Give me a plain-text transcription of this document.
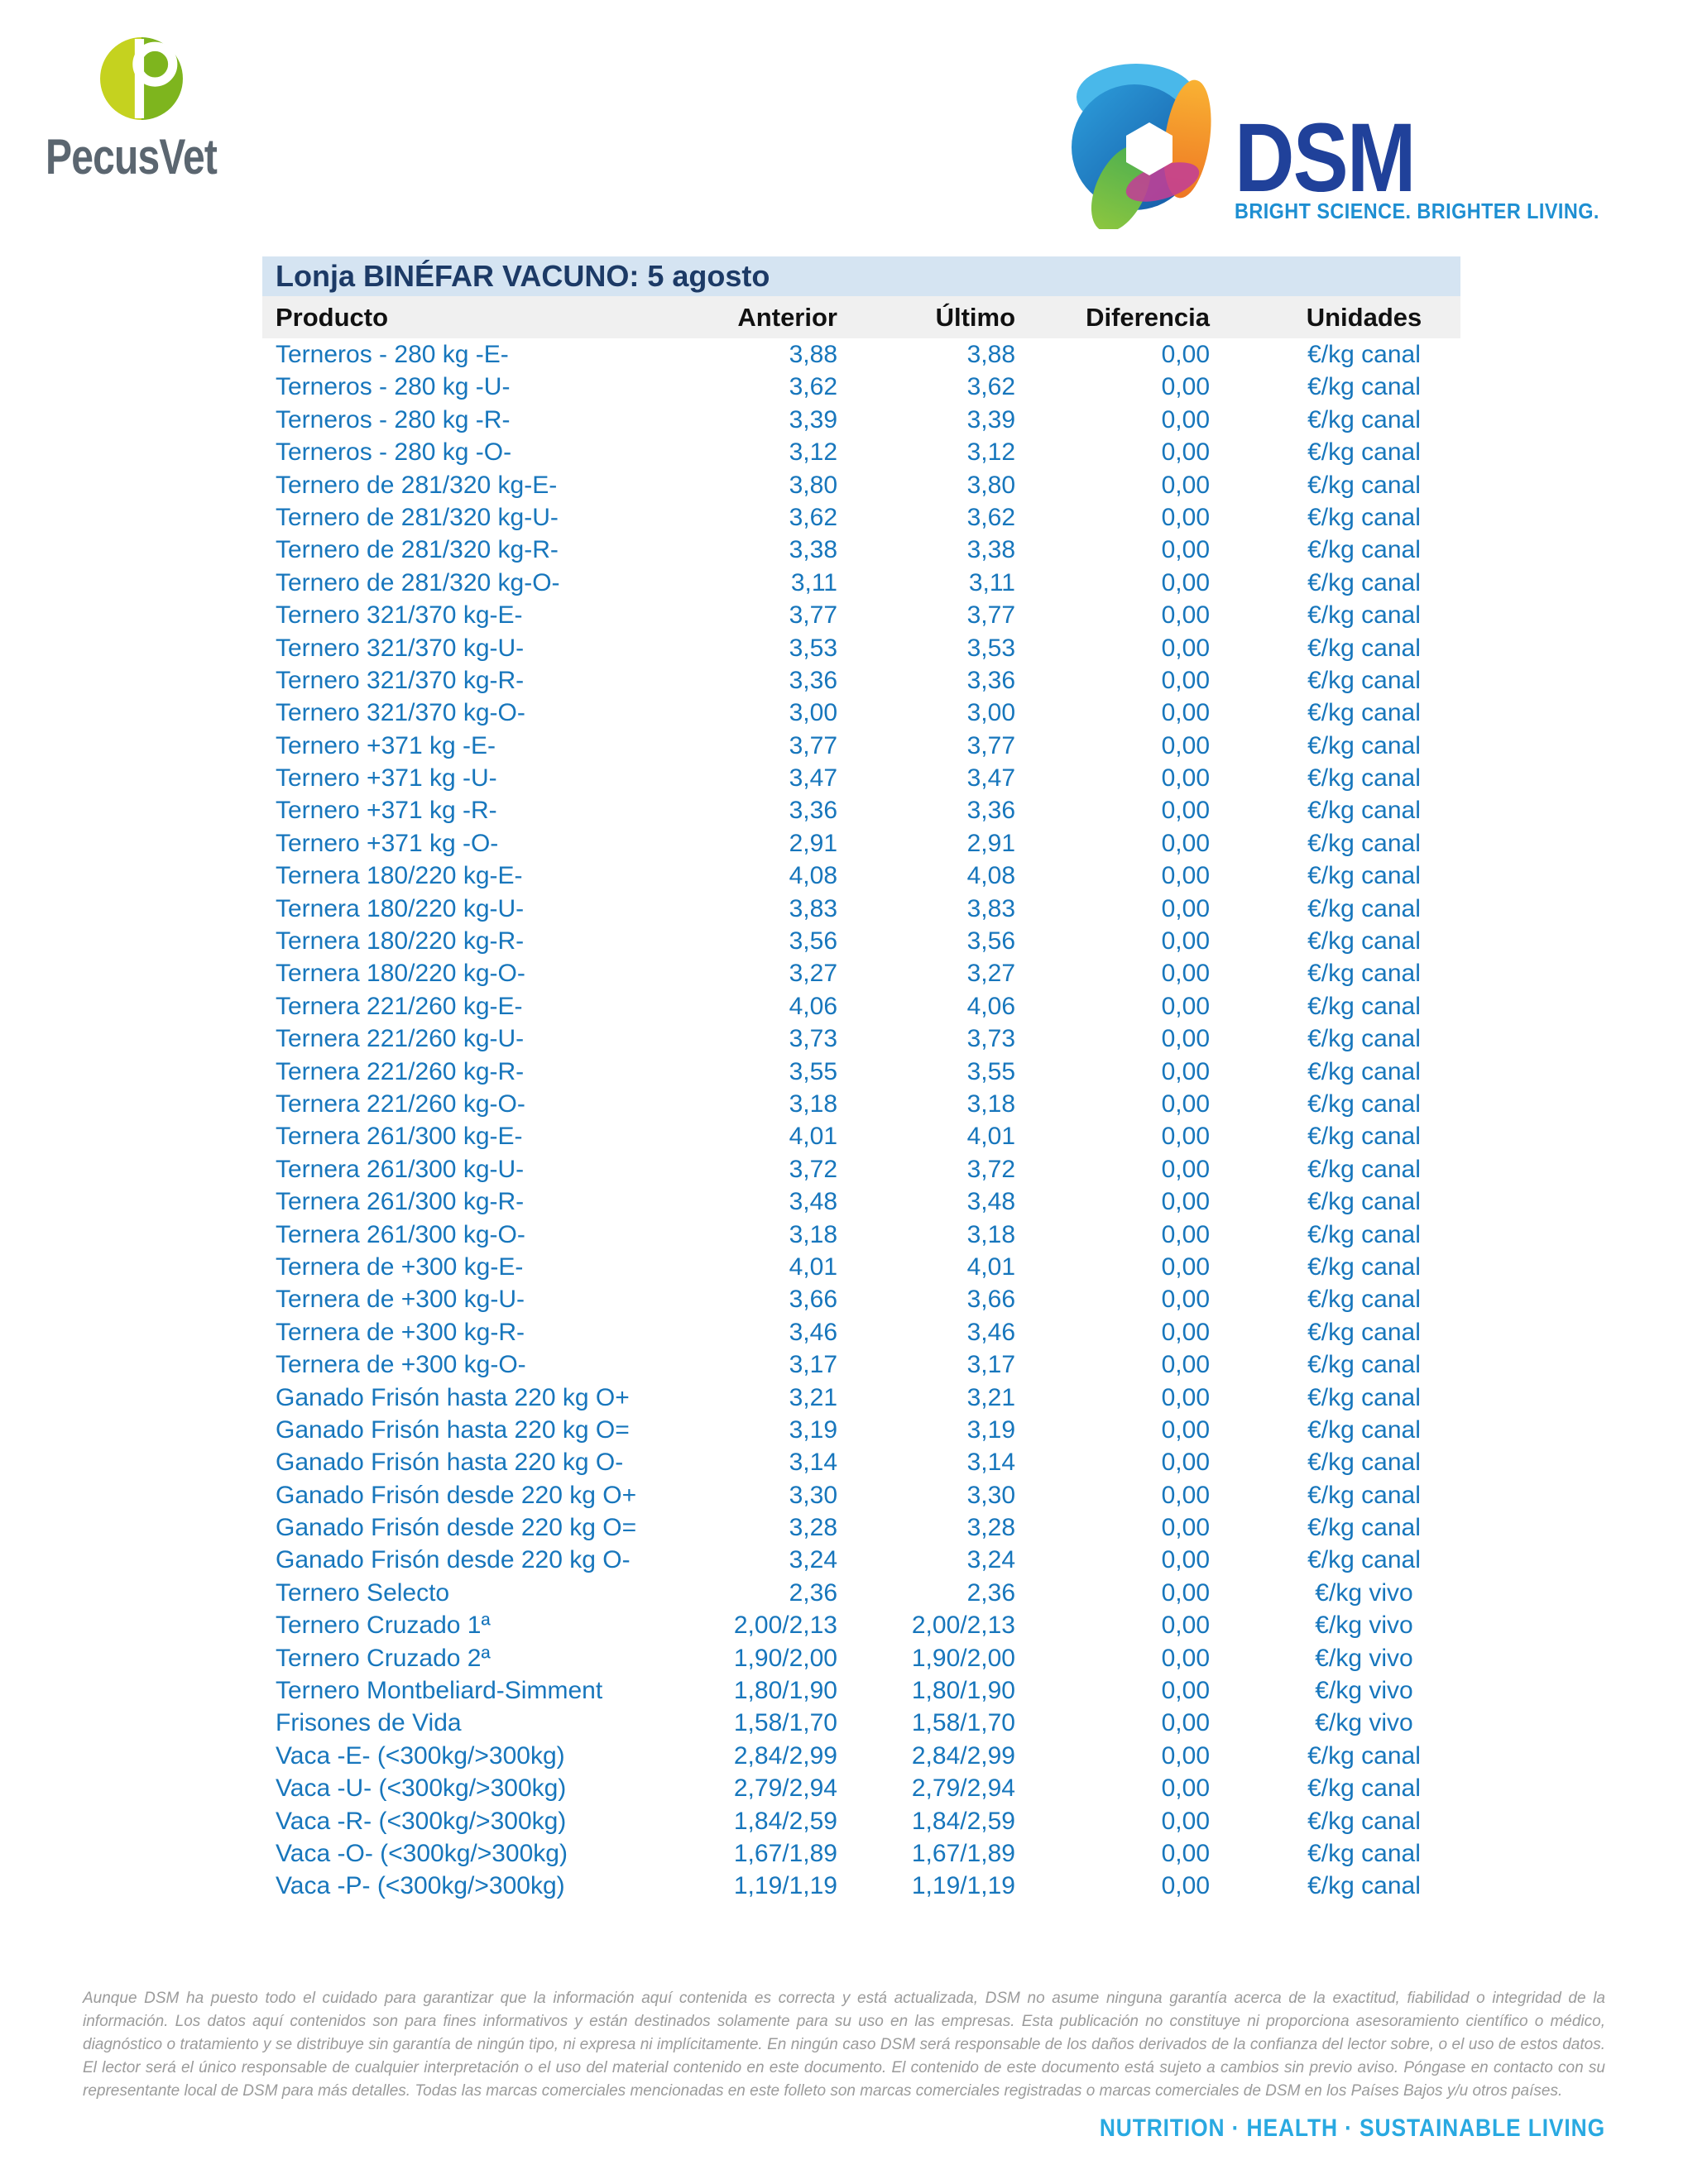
PecusVet	DSM
BRIGHT SCIENCE. BRIGHTER LIVING.
Lonja BINÉFAR VACUNO: 5 agosto
Producto	Anterior	Último	Diferencia	Unidades
Terneros - 280 kg -E-	3,88	3,88	0,00	€/kg canal
Terneros - 280 kg -U-	3,62	3,62	0,00	€/kg canal
Terneros - 280 kg -R-	3,39	3,39	0,00	€/kg canal
Terneros - 280 kg -O-	3,12	3,12	0,00	€/kg canal
Ternero de 281/320 kg-E-	3,80	3,80	0,00	€/kg canal
Ternero de 281/320 kg-U-	3,62	3,62	0,00	€/kg canal
Ternero de 281/320 kg-R-	3,38	3,38	0,00	€/kg canal
Ternero de 281/320 kg-O-	3,11	3,11	0,00	€/kg canal
Ternero 321/370 kg-E-	3,77	3,77	0,00	€/kg canal
Ternero 321/370 kg-U-	3,53	3,53	0,00	€/kg canal
Ternero 321/370 kg-R-	3,36	3,36	0,00	€/kg canal
Ternero 321/370 kg-O-	3,00	3,00	0,00	€/kg canal
Ternero +371 kg -E-	3,77	3,77	0,00	€/kg canal
Ternero +371 kg -U-	3,47	3,47	0,00	€/kg canal
Ternero +371 kg -R-	3,36	3,36	0,00	€/kg canal
Ternero +371 kg -O-	2,91	2,91	0,00	€/kg canal
Ternera 180/220 kg-E-	4,08	4,08	0,00	€/kg canal
Ternera 180/220 kg-U-	3,83	3,83	0,00	€/kg canal
Ternera 180/220 kg-R-	3,56	3,56	0,00	€/kg canal
Ternera 180/220 kg-O-	3,27	3,27	0,00	€/kg canal
Ternera 221/260 kg-E-	4,06	4,06	0,00	€/kg canal
Ternera 221/260 kg-U-	3,73	3,73	0,00	€/kg canal
Ternera 221/260 kg-R-	3,55	3,55	0,00	€/kg canal
Ternera 221/260 kg-O-	3,18	3,18	0,00	€/kg canal
Ternera 261/300 kg-E-	4,01	4,01	0,00	€/kg canal
Ternera 261/300 kg-U-	3,72	3,72	0,00	€/kg canal
Ternera 261/300 kg-R-	3,48	3,48	0,00	€/kg canal
Ternera 261/300 kg-O-	3,18	3,18	0,00	€/kg canal
Ternera de +300 kg-E-	4,01	4,01	0,00	€/kg canal
Ternera de +300 kg-U-	3,66	3,66	0,00	€/kg canal
Ternera de +300 kg-R-	3,46	3,46	0,00	€/kg canal
Ternera de +300 kg-O-	3,17	3,17	0,00	€/kg canal
Ganado Frisón hasta 220 kg O+	3,21	3,21	0,00	€/kg canal
Ganado Frisón hasta 220 kg O=	3,19	3,19	0,00	€/kg canal
Ganado Frisón hasta 220 kg O-	3,14	3,14	0,00	€/kg canal
Ganado Frisón desde 220 kg O+	3,30	3,30	0,00	€/kg canal
Ganado Frisón desde 220 kg O=	3,28	3,28	0,00	€/kg canal
Ganado Frisón desde 220 kg O-	3,24	3,24	0,00	€/kg canal
Ternero Selecto	2,36	2,36	0,00	€/kg vivo
Ternero Cruzado 1ª	2,00/2,13	2,00/2,13	0,00	€/kg vivo
Ternero Cruzado 2ª	1,90/2,00	1,90/2,00	0,00	€/kg vivo
Ternero Montbeliard-Simment	1,80/1,90	1,80/1,90	0,00	€/kg vivo
Frisones de Vida	1,58/1,70	1,58/1,70	0,00	€/kg vivo
Vaca -E- (<300kg/>300kg)	2,84/2,99	2,84/2,99	0,00	€/kg canal
Vaca -U- (<300kg/>300kg)	2,79/2,94	2,79/2,94	0,00	€/kg canal
Vaca -R- (<300kg/>300kg)	1,84/2,59	1,84/2,59	0,00	€/kg canal
Vaca -O- (<300kg/>300kg)	1,67/1,89	1,67/1,89	0,00	€/kg canal
Vaca -P- (<300kg/>300kg)	1,19/1,19	1,19/1,19	0,00	€/kg canal

Aunque DSM ha puesto todo el cuidado para garantizar que la información aquí contenida es correcta y está actualizada, DSM no asume ninguna garantía acerca de la exactitud, fiabilidad o integridad de la información. Los datos aquí contenidos son para fines informativos y están destinados solamente para su uso en las empresas. Esta publicación no constituye ni proporciona asesoramiento científico o médico, diagnóstico o tratamiento y se distribuye sin garantía de ningún tipo, ni expresa ni implícitamente. En ningún caso DSM será responsable de los daños derivados de la confianza del lector sobre, o el uso de estos datos. El lector será el único responsable de cualquier interpretación o el uso del material contenido en este documento. El contenido de este documento está sujeto a cambios sin previo aviso. Póngase en contacto con su representante local de DSM para más detalles. Todas las marcas comerciales mencionadas en este folleto son marcas comerciales registradas o marcas comerciales de DSM en los Países Bajos y/u otros países.

NUTRITION · HEALTH · SUSTAINABLE LIVING
